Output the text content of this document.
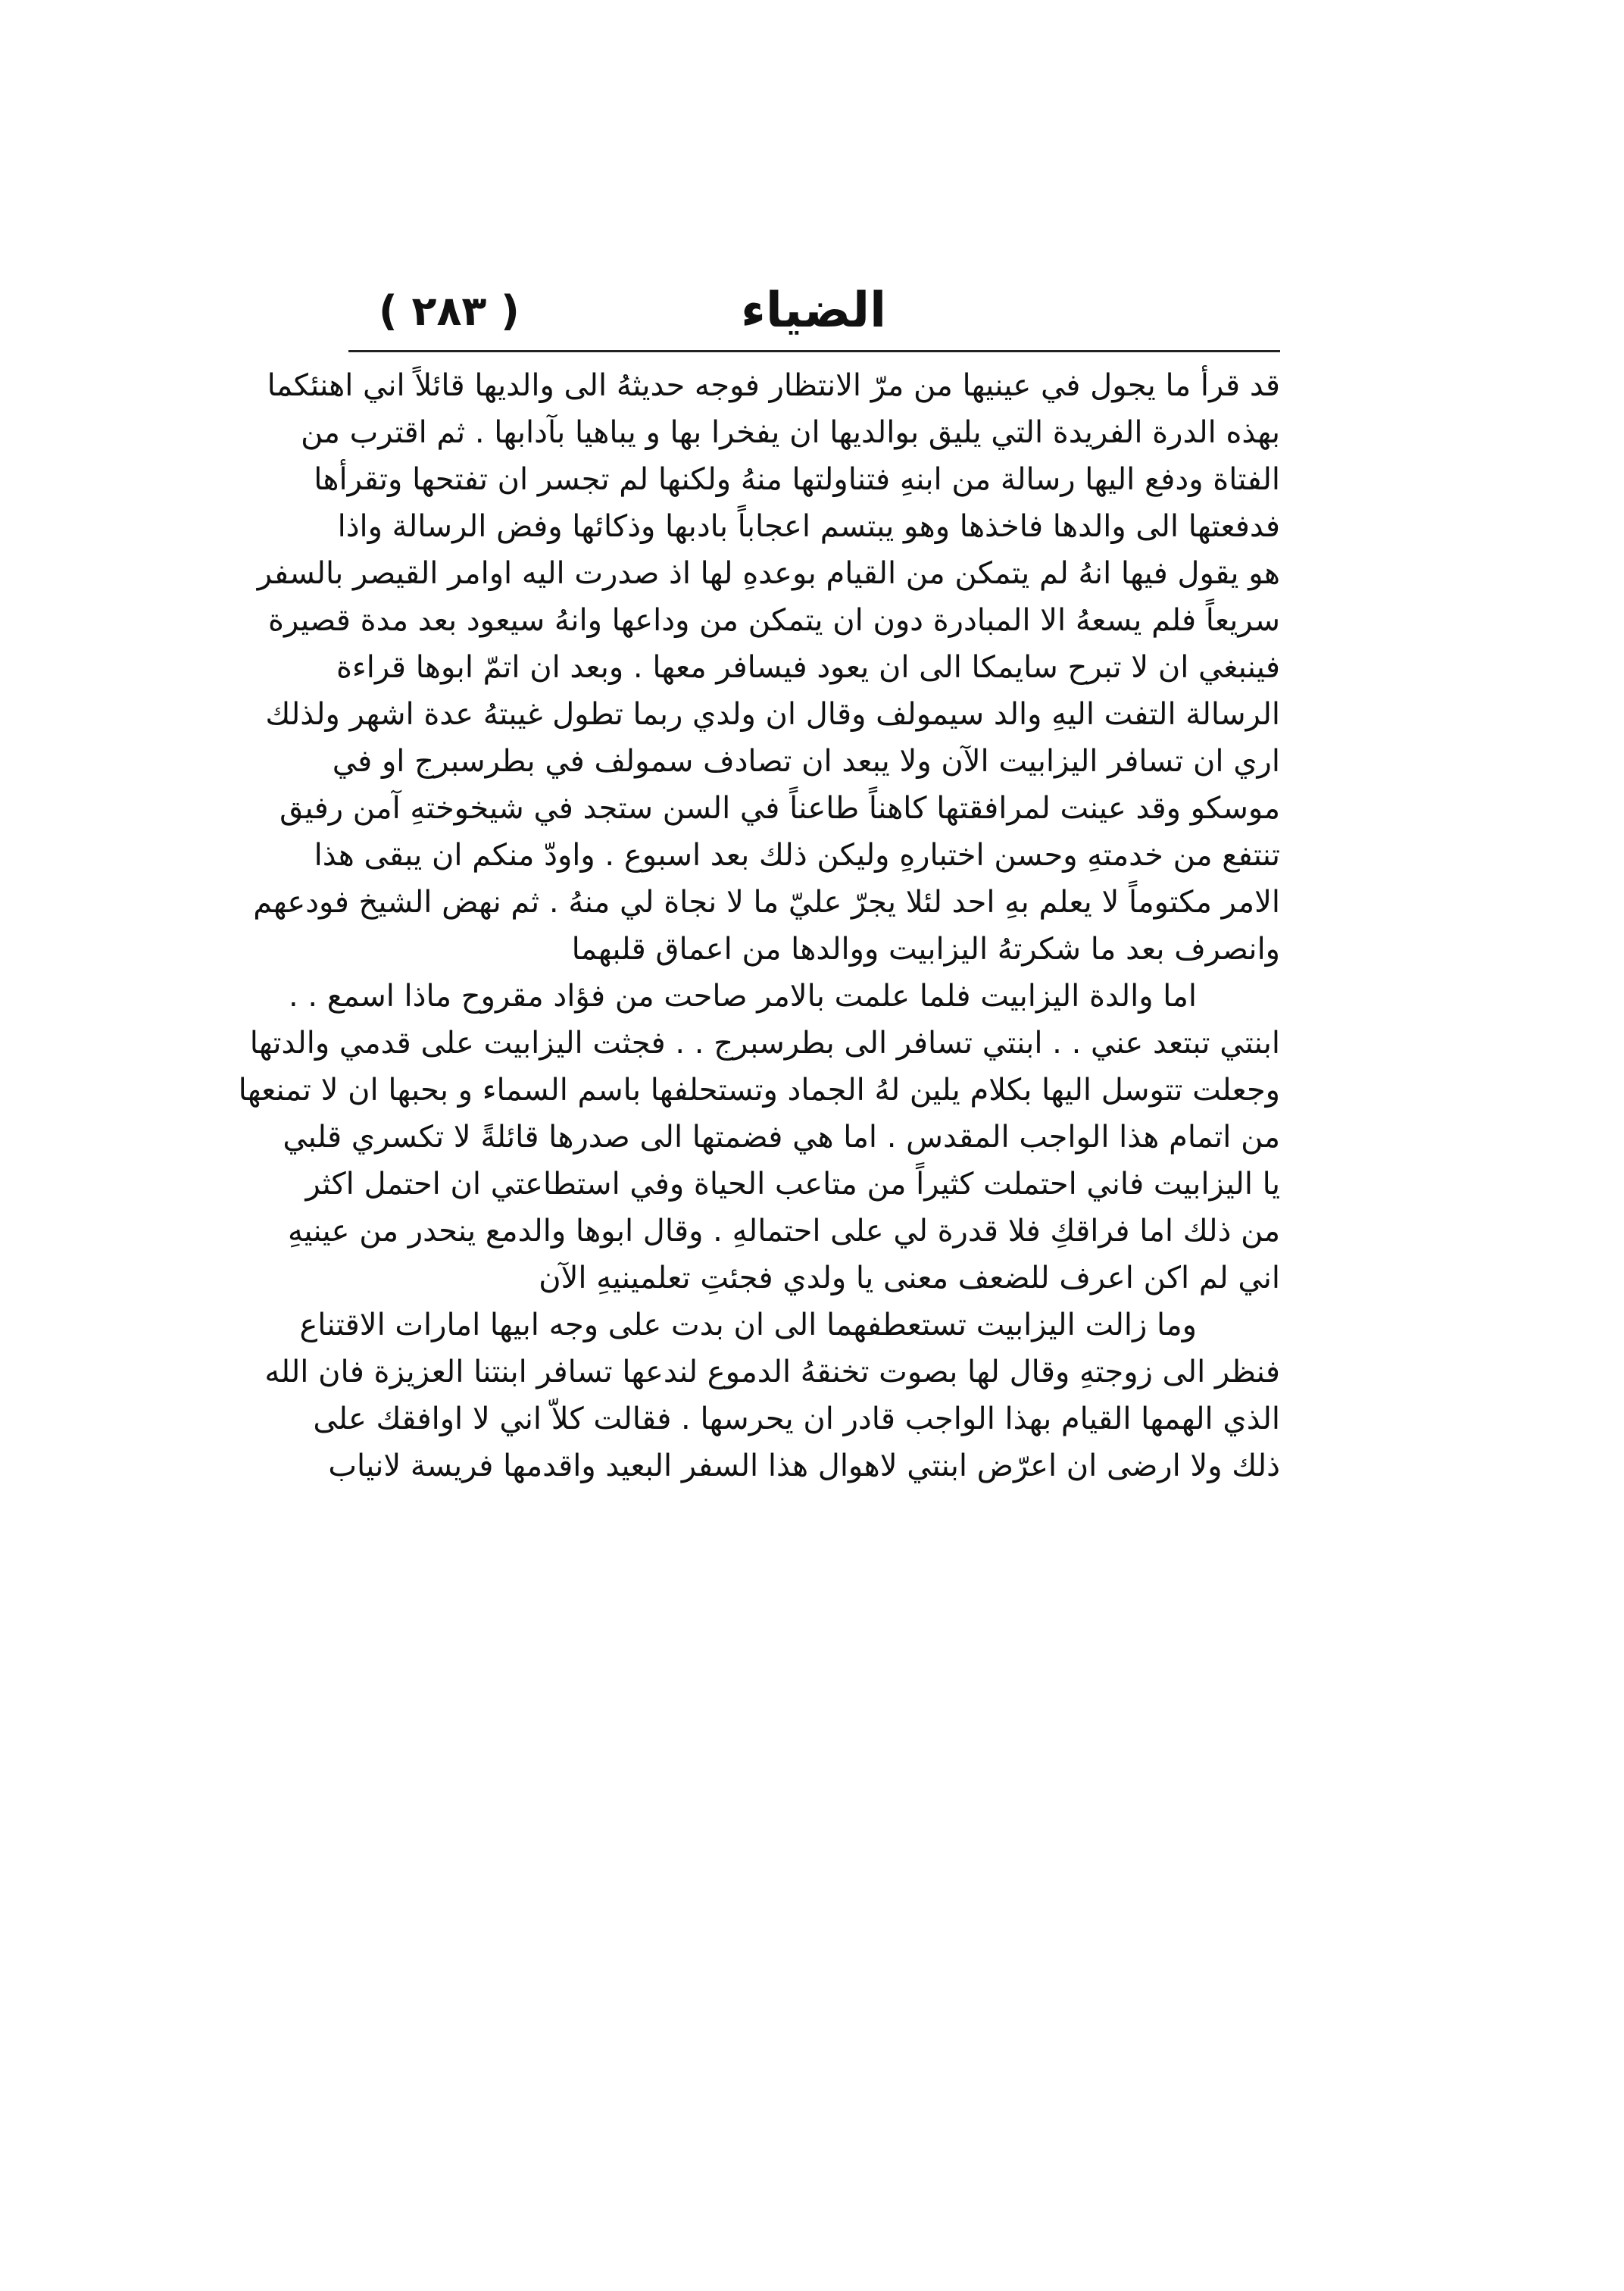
الضياء
( ٢٨٣ )
قد قرأ ما يجول في عينيها من مرّ الانتظار فوجه حديثهُ الى والديها قائلاً اني اهنئكما
بهذه الدرة الفريدة التي يليق بوالديها ان يفخرا بها و يباهيا بآدابها . ثم اقترب من
الفتاة ودفع اليها رسالة من ابنهِ فتناولتها منهُ ولكنها لم تجسر ان تفتحها وتقرأها
فدفعتها الى والدها فاخذها وهو يبتسم اعجاباً بادبها وذكائها وفض الرسالة واذا
هو يقول فيها انهُ لم يتمكن من القيام بوعدهِ لها اذ صدرت اليه اوامر القيصر بالسفر
سريعاً فلم يسعهُ الا المبادرة دون ان يتمكن من وداعها وانهُ سيعود بعد مدة قصيرة
فينبغي ان لا تبرح سايمكا الى ان يعود فيسافر معها . وبعد ان اتمّ ابوها قراءة
الرسالة التفت اليهِ والد سيمولف وقال ان ولدي ربما تطول غيبتهُ عدة اشهر ولذلك
اري ان تسافر اليزابيت الآن ولا يبعد ان تصادف سمولف في بطرسبرج او في
موسكو وقد عينت لمرافقتها كاهناً طاعناً في السن ستجد في شيخوختهِ آمن رفيق
تنتفع من خدمتهِ وحسن اختبارهِ وليكن ذلك بعد اسبوع . واودّ منكم ان يبقى هذا
الامر مكتوماً لا يعلم بهِ احد لئلا يجرّ عليّ ما لا نجاة لي منهُ . ثم نهض الشيخ فودعهم
وانصرف بعد ما شكرتهُ اليزابيت ووالدها من اعماق قلبهما
اما والدة اليزابيت فلما علمت بالامر صاحت من فؤاد مقروح ماذا اسمع . .
ابنتي تبتعد عني . . ابنتي تسافر الى بطرسبرج . . فجثت اليزابيت على قدمي والدتها
وجعلت تتوسل اليها بكلام يلين لهُ الجماد وتستحلفها باسم السماء و بحبها ان لا تمنعها
من اتمام هذا الواجب المقدس . اما هي فضمتها الى صدرها قائلةً لا تكسري قلبي
يا اليزابيت فاني احتملت كثيراً من متاعب الحياة وفي استطاعتي ان احتمل اكثر
من ذلك اما فراقكِ فلا قدرة لي على احتمالهِ . وقال ابوها والدمع ينحدر من عينيهِ
اني لم اكن اعرف للضعف معنى يا ولدي فجئتِ تعلمينيهِ الآن
وما زالت اليزابيت تستعطفهما الى ان بدت على وجه ابيها امارات الاقتناع
فنظر الى زوجتهِ وقال لها بصوت تخنقهُ الدموع لندعها تسافر ابنتنا العزيزة فان الله
الذي الهمها القيام بهذا الواجب قادر ان يحرسها . فقالت كلاّ اني لا اوافقك على
ذلك ولا ارضى ان اعرّض ابنتي لاهوال هذا السفر البعيد واقدمها فريسة لانياب
